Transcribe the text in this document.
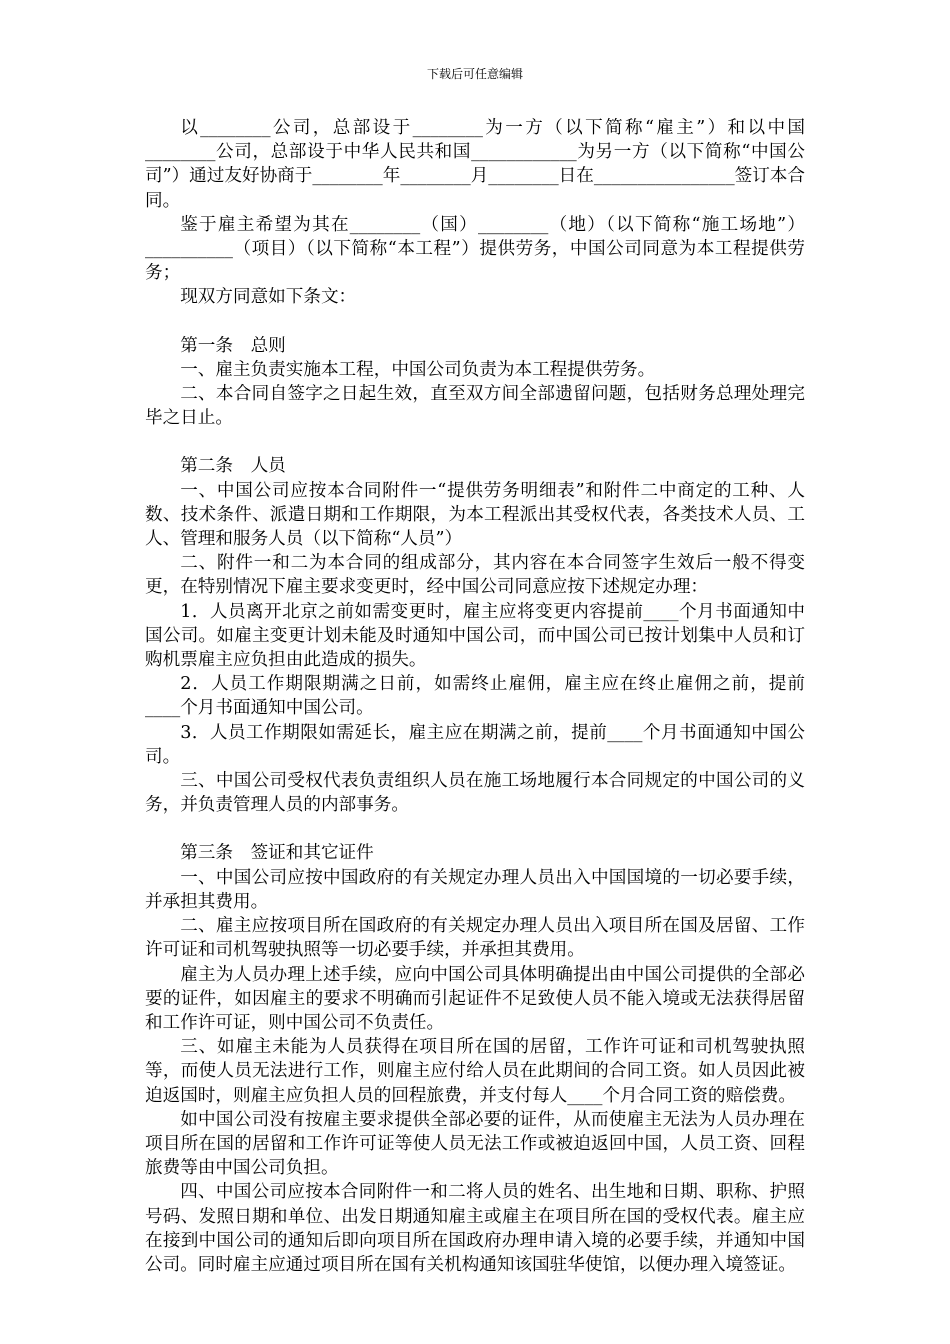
下载后可任意编辑

以________公司，总部设于________为一方（以下简称“雇主”）和以中国________公司，总部设于中华人民共和国____________为另一方（以下简称“中国公司”）通过友好协商于________年________月________日在________________签订本合同。

鉴于雇主希望为其在________（国）________（地）（以下简称“施工场地”）__________（项目）（以下简称“本工程”）提供劳务，中国公司同意为本工程提供劳务；

现双方同意如下条文：

第一条　总则

一、雇主负责实施本工程，中国公司负责为本工程提供劳务。

二、本合同自签字之日起生效，直至双方间全部遗留问题，包括财务总理处理完毕之日止。

第二条　人员

一、中国公司应按本合同附件一“提供劳务明细表”和附件二中商定的工种、人数、技术条件、派遣日期和工作期限，为本工程派出其受权代表，各类技术人员、工人、管理和服务人员（以下简称“人员”）

二、附件一和二为本合同的组成部分，其内容在本合同签字生效后一般不得变更，在特别情况下雇主要求变更时，经中国公司同意应按下述规定办理：

1．人员离开北京之前如需变更时，雇主应将变更内容提前____个月书面通知中国公司。如雇主变更计划未能及时通知中国公司，而中国公司已按计划集中人员和订购机票雇主应负担由此造成的损失。

2．人员工作期限期满之日前，如需终止雇佣，雇主应在终止雇佣之前，提前____个月书面通知中国公司。

3．人员工作期限如需延长，雇主应在期满之前，提前____个月书面通知中国公司。

三、中国公司受权代表负责组织人员在施工场地履行本合同规定的中国公司的义务，并负责管理人员的内部事务。

第三条　签证和其它证件

一、中国公司应按中国政府的有关规定办理人员出入中国国境的一切必要手续，并承担其费用。

二、雇主应按项目所在国政府的有关规定办理人员出入项目所在国及居留、工作许可证和司机驾驶执照等一切必要手续，并承担其费用。

雇主为人员办理上述手续，应向中国公司具体明确提出由中国公司提供的全部必要的证件，如因雇主的要求不明确而引起证件不足致使人员不能入境或无法获得居留和工作许可证，则中国公司不负责任。

三、如雇主未能为人员获得在项目所在国的居留，工作许可证和司机驾驶执照等，而使人员无法进行工作，则雇主应付给人员在此期间的合同工资。如人员因此被迫返国时，则雇主应负担人员的回程旅费，并支付每人____个月合同工资的赔偿费。

如中国公司没有按雇主要求提供全部必要的证件，从而使雇主无法为人员办理在项目所在国的居留和工作许可证等使人员无法工作或被迫返回中国，人员工资、回程旅费等由中国公司负担。

四、中国公司应按本合同附件一和二将人员的姓名、出生地和日期、职称、护照号码、发照日期和单位、出发日期通知雇主或雇主在项目所在国的受权代表。雇主应在接到中国公司的通知后即向项目所在国政府办理申请入境的必要手续，并通知中国公司。同时雇主应通过项目所在国有关机构通知该国驻华使馆，以便办理入境签证。
